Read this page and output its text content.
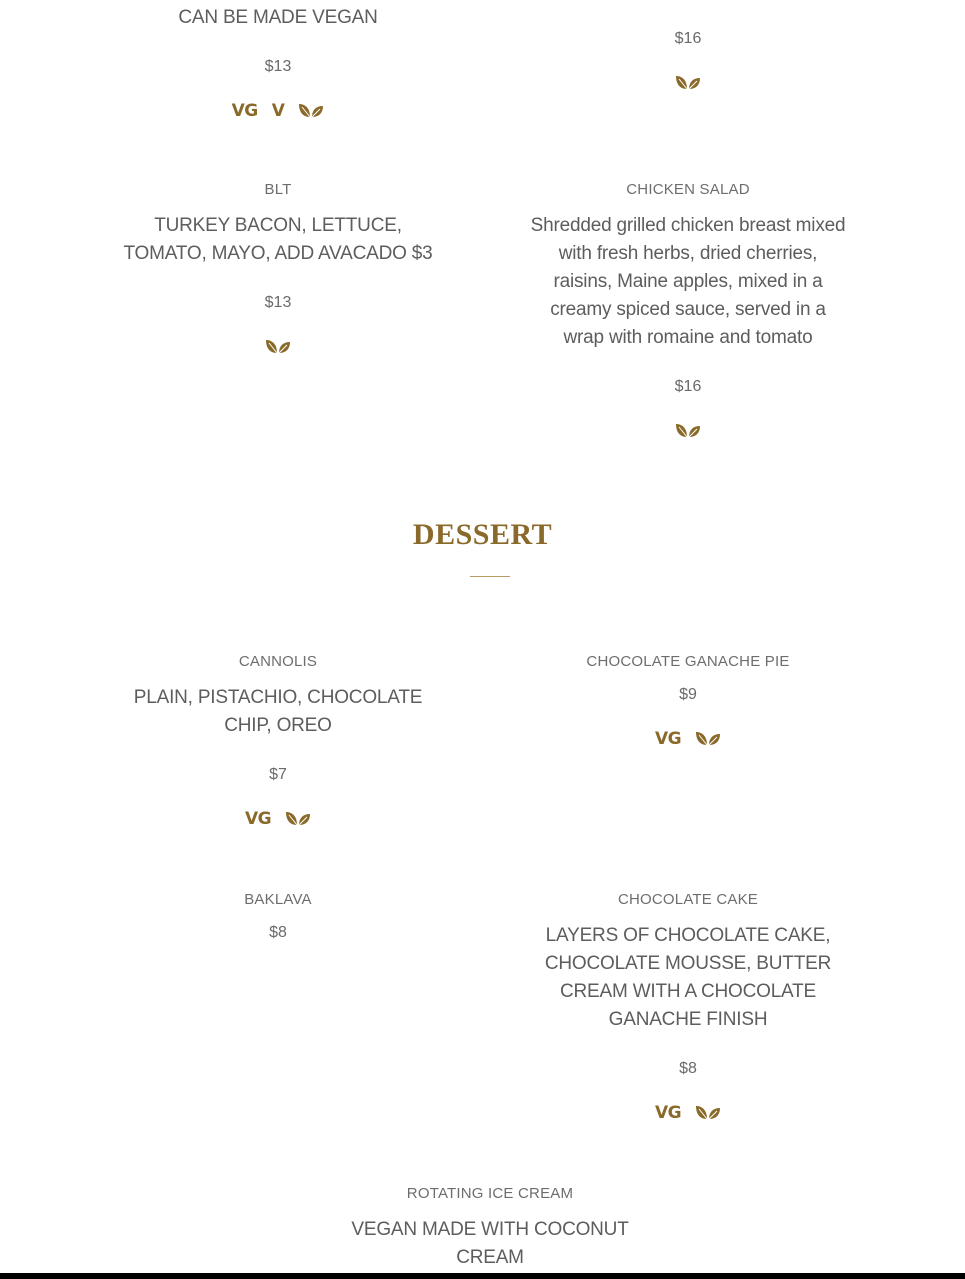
CAN BE MADE VEGAN

$13

VG V

$16

BLT

TURKEY BACON, LETTUCE, TOMATO, MAYO, ADD AVACADO $3

$13

CHICKEN SALAD

Shredded grilled chicken breast mixed with fresh herbs, dried cherries, raisins, Maine apples, mixed in a creamy spiced sauce, served in a wrap with romaine and tomato

$16

DESSERT

CANNOLIS

PLAIN, PISTACHIO, CHOCOLATE CHIP, OREO

$7

VG

CHOCOLATE GANACHE PIE

$9

VG

BAKLAVA

$8

CHOCOLATE CAKE

LAYERS OF CHOCOLATE CAKE, CHOCOLATE MOUSSE, BUTTER CREAM WITH A CHOCOLATE GANACHE FINISH

$8

VG

ROTATING ICE CREAM

VEGAN MADE WITH COCONUT CREAM
